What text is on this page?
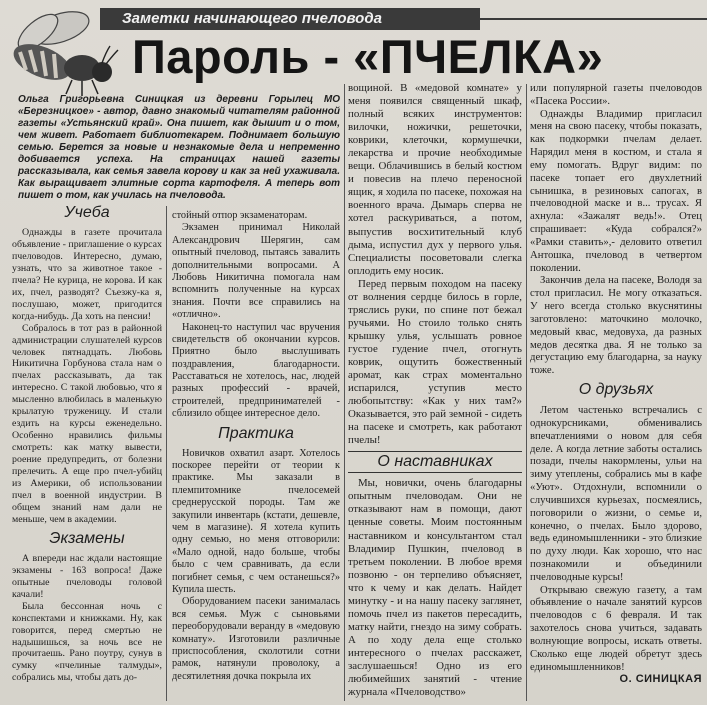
Заметки начинающего пчеловода
Пароль - «ПЧЕЛКА»

Ольга Григорьевна Синицкая из деревни Горылец МО «Березницкое» - автор, давно знакомый читателям районной газеты «Устьянский край». Она пишет, как дышит и о том, чем живет. Работает библиотекарем. Поднимает большую семью. Берется за новые и незнакомые дела и непременно добивается успеха. На страницах нашей газеты рассказывала, как семья завела корову и как за ней ухаживала. Как выращивает элитные сорта картофеля. А теперь вот пишет о том, как училась на пчеловода.

Учеба

Однажды в газете прочитала объявление - приглашение о курсах пчеловодов. Интересно, думаю, узнать, что за животное такое - пчела? Не курица, не корова. И как их, пчел, разводят? Съезжу-ка я, послушаю, может, пригодится когда-нибудь. Да хоть на пенсии!

Собралось в тот раз в районной администрации слушателей курсов человек пятнадцать. Любовь Никитична Горбунова стала нам о пчелах рассказывать, да так интересно. С такой любовью, что я мысленно влюбилась в маленькую крылатую труженицу. И стали ездить на курсы еженедельно. Особенно нравились фильмы смотреть: как матку вывести, роение предупредить, от болезни прелечить. А еще про пчел-убийц из Америки, об использовании пчел в военной индустрии. В общем знаний нам дали не меньше, чем в академии.

Экзамены

А впереди нас ждали настоящие экзамены - 163 вопроса! Даже опытные пчеловоды головой качали!

Была бессонная ночь с конспектами и книжками. Ну, как говорится, перед смертью не надышишься, за ночь все не прочитаешь. Рано поутру, сунув в сумку «пчелиные талмуды», собрались мы, чтобы дать до-

стойный отпор экзаменаторам.

Экзамен принимал Николай Александрович Шерягин, сам опытный пчеловод, пытаясь завалить дополнительными вопросами. А Любовь Никитична помогала нам вспомнить полученные на курсах знания. Почти все справились на «отлично».

Наконец-то наступил час вручения свидетельств об окончании курсов. Приятно было выслушивать поздравления, благодарности. Расставаться не хотелось, нас, людей разных профессий - врачей, строителей, предпринимателей - сблизило общее интересное дело.

Практика

Новичков охватил азарт. Хотелось поскорее перейти от теории к практике. Мы заказали в племпитомнике пчелосемей среднерусской породы. Там же закупили инвентарь (кстати, дешевле, чем в магазине). Я хотела купить одну семью, но меня отговорили: «Мало одной, надо больше, чтобы было с чем сравнивать, да если погибнет семья, с чем останешься?» Купила шесть.

Оборудованием пасеки занималась вся семья. Муж с сыновьями переоборудовали веранду в «медовую комнату». Изготовили различные приспособления, сколотили сотни рамок, натянули проволоку, а десятилетняя дочка покрыла их

вощиной. В «медовой комнате» у меня появился священный шкаф, полный всяких инструментов: вилочки, ножички, решеточки, коврики, клеточки, кормушечки, лекарства и прочие необходимые вещи. Облачившись в белый костюм и повесив на плечо переносной ящик, я ходила по пасеке, похожая на военного врача. Дымарь сперва не хотел раскуриваться, а потом, выпустив восхитительный клуб дыма, испустил дух у первого улья. Специалисты посоветовали слегка оплодить ему носик.

Перед первым походом на пасеку от волнения сердце билось в горле, тряслись руки, по спине пот бежал ручьями. Но стоило только снять крышку улья, услышать ровное густое гудение пчел, отогнуть коврик, ощутить божественный аромат, как страх моментально испарился, уступив место любопытству: «Как у них там?» Оказывается, это рай земной - сидеть на пасеке и смотреть, как работают пчелы!

О наставниках

Мы, новички, очень благодарны опытным пчеловодам. Они не отказывают нам в помощи, дают ценные советы. Моим постоянным наставником и консультантом стал Владимир Пушкин, пчеловод в третьем поколении. В любое время позвоню - он терпеливо объясняет, что к чему и как делать. Найдет минутку - и на нашу пасеку заглянет, помочь пчел из пакетов пересадить, матку найти, гнездо на зиму собрать. А по ходу дела еще столько интересного о пчелах расскажет, заслушаешься! Одно из его любимейших занятий - чтение журнала «Пчеловодство»

или популярной газеты пчеловодов «Пасека России».

Однажды Владимир пригласил меня на свою пасеку, чтобы показать, как подкормки пчелам делает. Нарядил меня в костюм, и стала я ему помогать. Вдруг видим: по пасеке топает его двухлетний сынишка, в резиновых сапогах, в пчеловодной маске и в... трусах. Я ахнула: «Зажалят ведь!». Отец спрашивает: «Куда собрался?» «Рамки ставить»,- деловито ответил Антошка, пчеловод в четвертом поколении.

Закончив дела на пасеке, Володя за стол пригласил. Не могу отказаться. У него всегда столько вкуснятины заготовлено: маточкино молочко, медовый квас, медовуха, да разных медов десятка два. Я не только за дегустацию ему благодарна, за науку тоже.

О друзьях

Летом частенько встречались с однокурсниками, обменивались впечатлениями о новом для себя деле. А когда летние заботы остались позади, пчелы накормлены, ульи на зиму утеплены, собрались мы в кафе «Уют». Отдохнули, вспомнили о случившихся курьезах, посмеялись, поговорили о жизни, о семье и, конечно, о пчелах. Было здорово, ведь единомышленники - это близкие по духу люди. Как хорошо, что нас познакомили и объединили пчеловодные курсы!

Открываю свежую газету, а там объявление о начале занятий курсов пчеловодов с 6 февраля. И так захотелось снова учиться, задавать волнующие вопросы, искать ответы. Сколько еще людей обретут здесь единомышленников!

О. СИНИЦКАЯ
